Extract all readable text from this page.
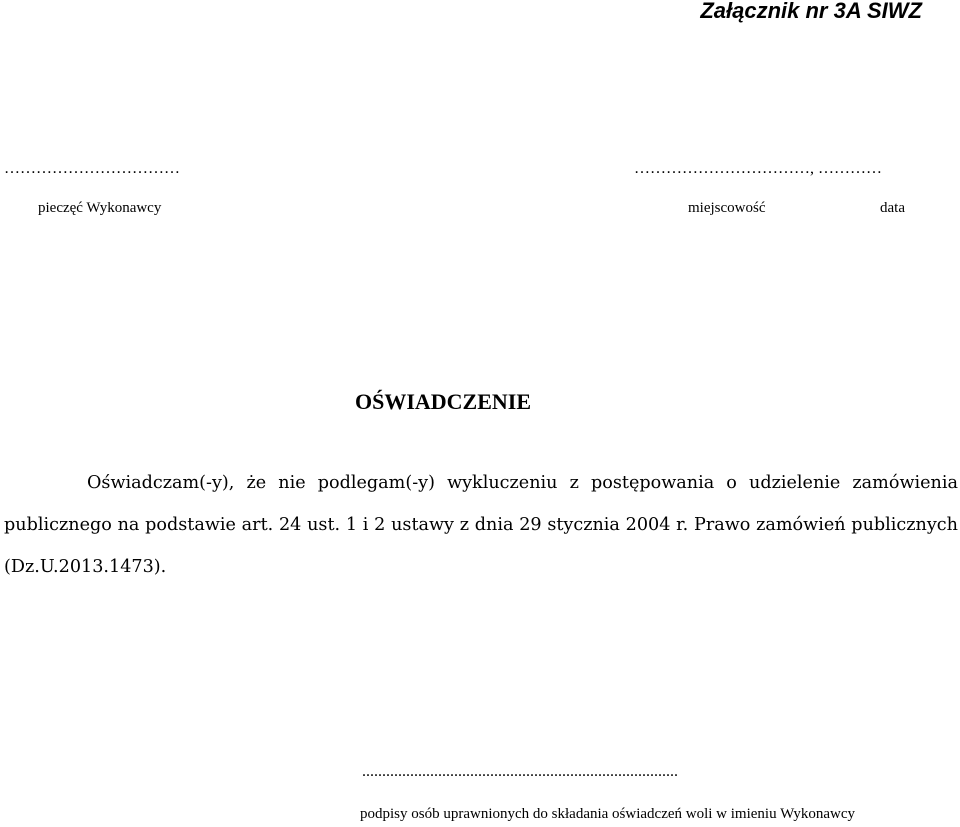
Załącznik nr 3A SIWZ
……………………………	……………………………, …………
pieczęć Wykonawcy	miejscowość	data
OŚWIADCZENIE

Oświadczam(-y), że nie podlegam(-y) wykluczeniu z postępowania o udzielenie zamówienia publicznego na podstawie art. 24 ust. 1 i 2 ustawy z dnia 29 stycznia 2004 r. Prawo zamówień publicznych (Dz.U.2013.1473).

...............................................................................
podpisy osób uprawnionych do składania oświadczeń woli w imieniu Wykonawcy
